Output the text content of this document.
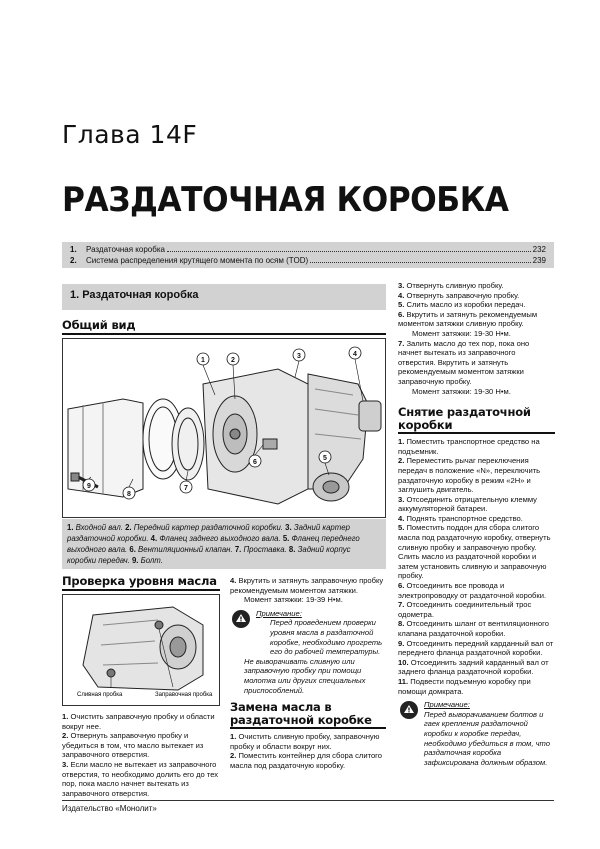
Глава 14F
РАЗДАТОЧНАЯ КОРОБКА
1.	Раздаточная коробка	232
2.	Система распределения крутящего момента по осям (TOD)	239
1. Раздаточная коробка
Общий вид
1	2
3	4
5
6
7
8
9
1. Входной вал. 2. Передний картер раздаточной коробки. 3. Задний картер раздаточной коробки. 4. Фланец заднего выходного вала. 5. Фланец переднего выходного вала. 6. Вентиляционный клапан. 7. Проставка. 8. Задний корпус коробки передач. 9. Болт.
Проверка уровня масла
Сливная пробка	Заправочная пробка

1. Очистить заправочную пробку и области вокруг нее.

2. Отвернуть заправочную пробку и убедиться в том, что масло вытекает из заправочного отверстия.

3. Если масло не вытекает из заправочного отверстия, то необходимо долить его до тех пор, пока масло начнет вытекать из заправочного отверстия.

4. Вкрутить и затянуть заправочную пробку рекомендуемым моментом затяжки.

Момент затяжки: 19-39 Н•м.

Примечание:

Перед проведением проверки уровня масла в раздаточной коробке, необходимо прогреть его до рабочей температуры.

Не выворачивать сливную или заправочную пробку при помощи молотка или других специальных приспособлений.

Замена масла в раздаточной коробке

1. Очистить сливную пробку, заправочную пробку и области вокруг них.

2. Поместить контейнер для сбора слитого масла под раздаточную коробку.

3. Отвернуть сливную пробку.

4. Отвернуть заправочную пробку.

5. Слить масло из коробки передач.

6. Вкрутить и затянуть рекомендуемым моментом затяжки сливную пробку.

Момент затяжки: 19-30 Н•м.

7. Залить масло до тех пор, пока оно начнет вытекать из заправочного отверстия. Вкрутить и затянуть рекомендуемым моментом затяжки заправочную пробку.

Момент затяжки: 19-30 Н•м.

Снятие раздаточной коробки

1. Поместить транспортное средство на подъемник.

2. Переместить рычаг переключения передач в положение «N», переключить раздаточную коробку в режим «2H» и заглушить двигатель.

3. Отсоединить отрицательную клемму аккумуляторной батареи.

4. Поднять транспортное средство.

5. Поместить поддон для сбора слитого масла под раздаточную коробку, отвернуть сливную пробку и заправочную пробку. Слить масло из раздаточной коробки и затем установить сливную и заправочную пробку.

6. Отсоединить все провода и электропроводку от раздаточной коробки.

7. Отсоединить соединительный трос одометра.

8. Отсоединить шланг от вентиляционного клапана раздаточной коробки.

9. Отсоединить передний карданный вал от переднего фланца раздаточной коробки.

10. Отсоединить задний карданный вал от заднего фланца раздаточной коробки.

11. Подвести подъемную коробку при помощи домкрата.

Примечание:

Перед выворачиванием болтов и гаек крепления раздаточной коробки к коробке передач, необходимо убедиться в том, что раздаточная коробка зафиксирована должным образом.

Издательство «Монолит»
